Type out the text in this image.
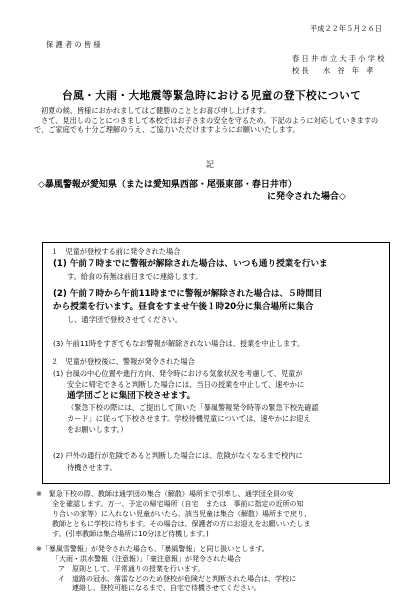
平成２２年５月２６日
保 護 者 の 皆 様
春 日 井 市 立 大 手 小 学 校
校 長　　水　谷　年　孝
台風・大雨・大地震等緊急時における児童の登下校について
初夏の候、皆様におかれましてはご健勝のこととお喜び申し上げます。
さて、見出しのことにつきまして本校ではお子さまの安全を守るため、下記のように対応していきますので、ご家庭でも十分ご理解のうえ、ご協力いただけますようにお願いいたします。
記
◇暴風警報が愛知県（または愛知県西部・尾張東部・春日井市）
に発令された場合◇
１　児童が登校する前に発令された場合
(1) 午前７時までに警報が解除された場合は、いつも通り授業を行いま
す。給食の有無は前日までに連絡します。
(2) 午前７時から午前11時までに警報が解除された場合は、５時間目
から授業を行います。昼食をすませ午後１時20分に集合場所に集合
し、通学団で登校させてください。
(3) 午前11時をすぎてもなお警報が解除されない場合は、授業を中止します。
２　児童が登校後に、警報が発令された場合
(1) 台風の中心位置や進行方向、発令時における気象状況を考慮して、児童が
安全に帰宅できると判断した場合には、当日の授業を中止して、速やかに
通学団ごとに集団下校させます。
（緊急下校の際には、ご提出して頂いた「暴風警報発令時等の緊急下校先確認
カード」に従って下校させます。学校待機児童については、速やかにお迎え
をお願いします。）
(2) 戸外の通行が危険であると判断した場合には、危険がなくなるまで校内に
待機させます。
※　緊急下校の際、教師は通学団の集合（解散）場所まで引率し、通学団全員の安
全を確認します。万一、予定の帰宅場所（自宅　または　事前に指定の近所の知
り合いの家等）に入れない児童がいたら、該当児童は集合（解散）場所まで戻り、
教師とともに学校に待ちます。その場合は、保護者の方にお迎えをお願いいたしま
す。(引率教師は集合場所に10分ほど待機します。)
※「暴風雪警報」が発令された場合も、「暴風警報」と同じ扱いとします。
「大雨・洪水警報（注意報）」「豪注意報」が発令された場合
ア　原則として、平常通りの授業を行います。
イ　道路の冠水、落雷などのため登校が危険だと判断された場合は、学校に
連絡し、登校可能になるまで、自宅で待機させてください。
